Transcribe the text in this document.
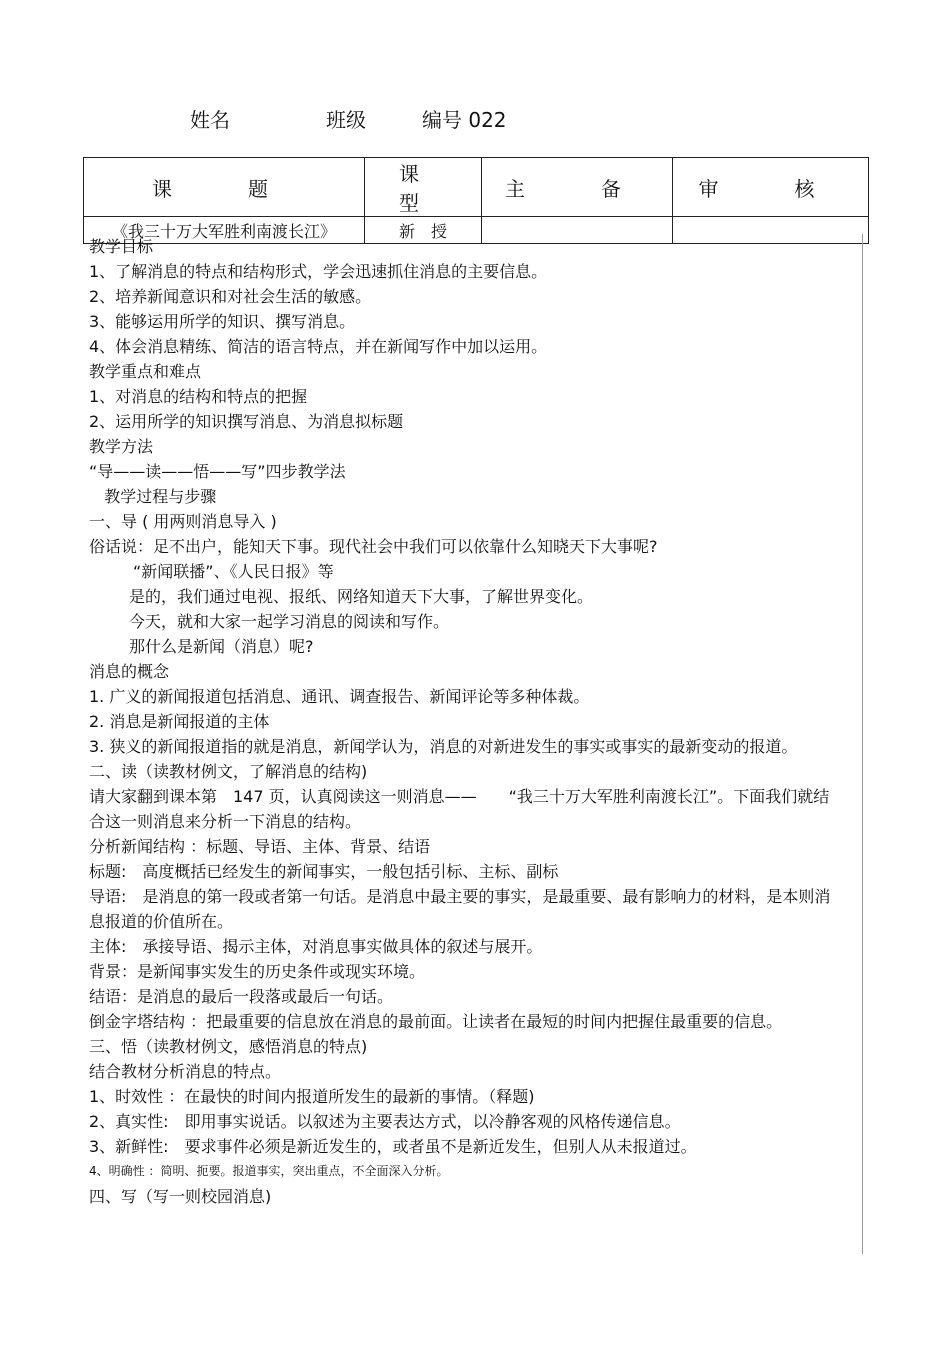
姓名	班级	编号 022
课　题	课　型	主　备	审　核
《我三十万大军胜利南渡长江》	新　授		
教学目标
1、了解消息的特点和结构形式，学会迅速抓住消息的主要信息。
2、培养新闻意识和对社会生活的敏感。
3、能够运用所学的知识、撰写消息。
4、体会消息精练、简洁的语言特点，并在新闻写作中加以运用。
教学重点和难点
1、对消息的结构和特点的把握
2、运用所学的知识撰写消息、为消息拟标题
教学方法
“导——读——悟——写”四步教学法
教学过程与步骤
一、导 ( 用两则消息导入 )
俗话说：足不出户，能知天下事。现代社会中我们可以依靠什么知晓天下大事呢?
“新闻联播”、《人民日报》等
是的，我们通过电视、报纸、网络知道天下大事，了解世界变化。
今天，就和大家一起学习消息的阅读和写作。
那什么是新闻（消息）呢?
消息的概念
1. 广义的新闻报道包括消息、通讯、调查报告、新闻评论等多种体裁。
2. 消息是新闻报道的主体
3. 狭义的新闻报道指的就是消息，新闻学认为，消息的对新进发生的事实或事实的最新变动的报道。
二、读（读教材例文，了解消息的结构)
请大家翻到课本第　147 页，认真阅读这一则消息——　　“我三十万大军胜利南渡长江”。下面我们就结合这一则消息来分析一下消息的结构。
分析新闻结构 ：标题、导语、主体、背景、结语
标题:　高度概括已经发生的新闻事实，一般包括引标、主标、副标
导语:　是消息的第一段或者第一句话。是消息中最主要的事实，是最重要、最有影响力的材料，是本则消息报道的价值所在。
主体:　承接导语、揭示主体，对消息事实做具体的叙述与展开。
背景：是新闻事实发生的历史条件或现实环境。
结语：是消息的最后一段落或最后一句话。
倒金字塔结构 ：把最重要的信息放在消息的最前面。让读者在最短的时间内把握住最重要的信息。
三、悟（读教材例文，感悟消息的特点)
结合教材分析消息的特点。
1、时效性 ：在最快的时间内报道所发生的最新的事情。（释题)
2、真实性:　即用事实说话。以叙述为主要表达方式，以冷静客观的风格传递信息。
3、新鲜性:　要求事件必须是新近发生的，或者虽不是新近发生，但别人从未报道过。
4、明确性 ：简明、扼要。报道事实，突出重点，不全面深入分析。
四、写（写一则校园消息)
